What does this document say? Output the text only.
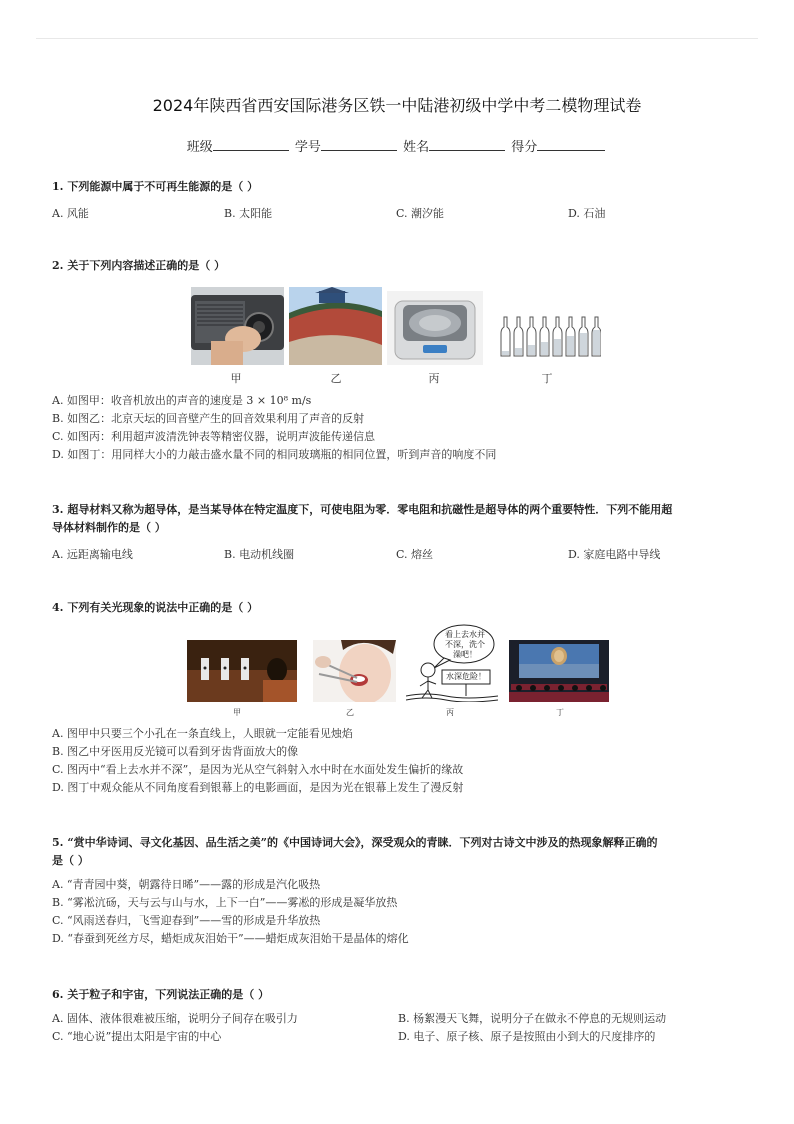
2024年陕西省西安国际港务区铁一中陆港初级中学中考二模物理试卷
班级	学号	姓名	得分
1. 下列能源中属于不可再生能源的是（ ）
A. 风能	B. 太阳能	C. 潮汐能	D. 石油
2. 关于下列内容描述正确的是（ ）
甲	乙	丙	丁
A. 如图甲：收音机放出的声音的速度是 3 × 10⁸ m/s
B. 如图乙：北京天坛的回音壁产生的回音效果利用了声音的反射
C. 如图丙：利用超声波清洗钟表等精密仪器，说明声波能传递信息
D. 如图丁：用同样大小的力敲击盛水量不同的相同玻璃瓶的相同位置，听到声音的响度不同
3. 超导材料又称为超导体，是当某导体在特定温度下，可使电阻为零．零电阻和抗磁性是超导体的两个重要特性．下列不能用超
导体材料制作的是（ ）
A. 远距离输电线	B. 电动机线圈	C. 熔丝	D. 家庭电路中导线
4. 下列有关光现象的说法中正确的是（ ）
看上去水并
不深，洗个
澡吧！
水深危险！
甲	乙	丙	丁
A. 图甲中只要三个小孔在一条直线上，人眼就一定能看见烛焰
B. 图乙中牙医用反光镜可以看到牙齿背面放大的像
C. 图丙中“看上去水并不深”，是因为光从空气斜射入水中时在水面处发生偏折的缘故
D. 图丁中观众能从不同角度看到银幕上的电影画面，是因为光在银幕上发生了漫反射
5. “赏中华诗词、寻文化基因、品生活之美”的《中国诗词大会》，深受观众的青睐．下列对古诗文中涉及的热现象解释正确的
是（ ）
A. “青青园中葵，朝露待日晞”——露的形成是汽化吸热
B. “雾凇沆砀，天与云与山与水，上下一白”——雾凇的形成是凝华放热
C. “风雨送春归，飞雪迎春到”——雪的形成是升华放热
D. “春蚕到死丝方尽，蜡炬成灰泪始干”——蜡炬成灰泪始干是晶体的熔化
6. 关于粒子和宇宙，下列说法正确的是（ ）
A. 固体、液体很难被压缩，说明分子间存在吸引力	B. 杨絮漫天飞舞，说明分子在做永不停息的无规则运动
C. “地心说”提出太阳是宇宙的中心	D. 电子、原子核、原子是按照由小到大的尺度排序的
